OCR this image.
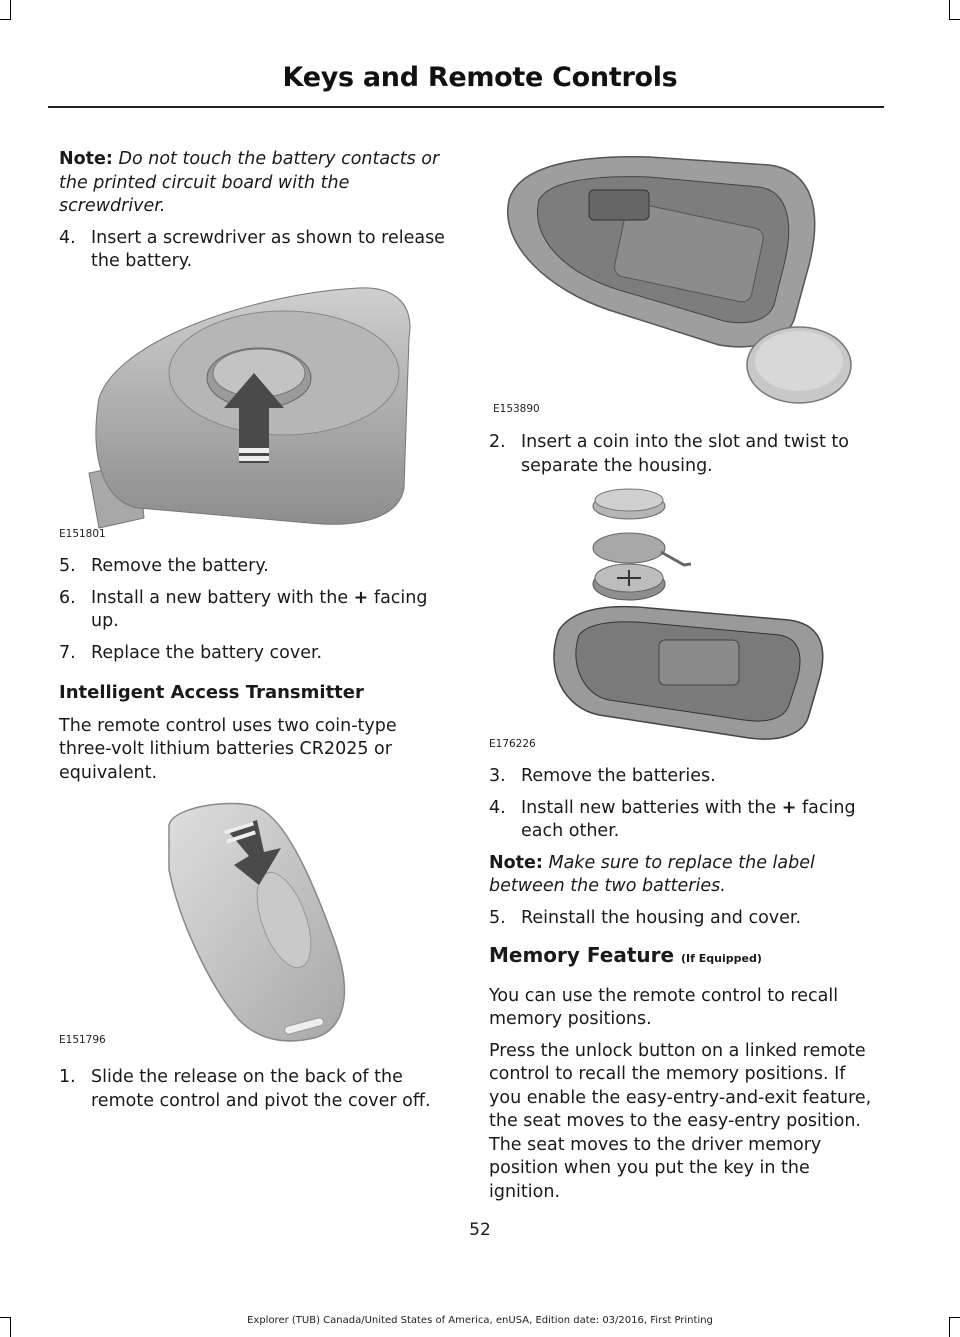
Keys and Remote Controls

Note: Do not touch the battery contacts or the printed circuit board with the screwdriver.

4. Insert a screwdriver as shown to release the battery.
E151801
5. Remove the battery.
6. Install a new battery with the + facing up.
7. Replace the battery cover.
Intelligent Access Transmitter

The remote control uses two coin-type three-volt lithium batteries CR2025 or equivalent.

E151796
1. Slide the release on the back of the remote control and pivot the cover off.
E153890
2. Insert a coin into the slot and twist to separate the housing.
E176226
3. Remove the batteries.
4. Install new batteries with the + facing each other.

Note: Make sure to replace the label between the two batteries.

5. Reinstall the housing and cover.
Memory Feature (If Equipped)

You can use the remote control to recall memory positions.

Press the unlock button on a linked remote control to recall the memory positions. If you enable the easy-entry-and-exit feature, the seat moves to the easy-entry position. The seat moves to the driver memory position when you put the key in the ignition.

52
Explorer (TUB) Canada/United States of America, enUSA, Edition date: 03/2016, First Printing
